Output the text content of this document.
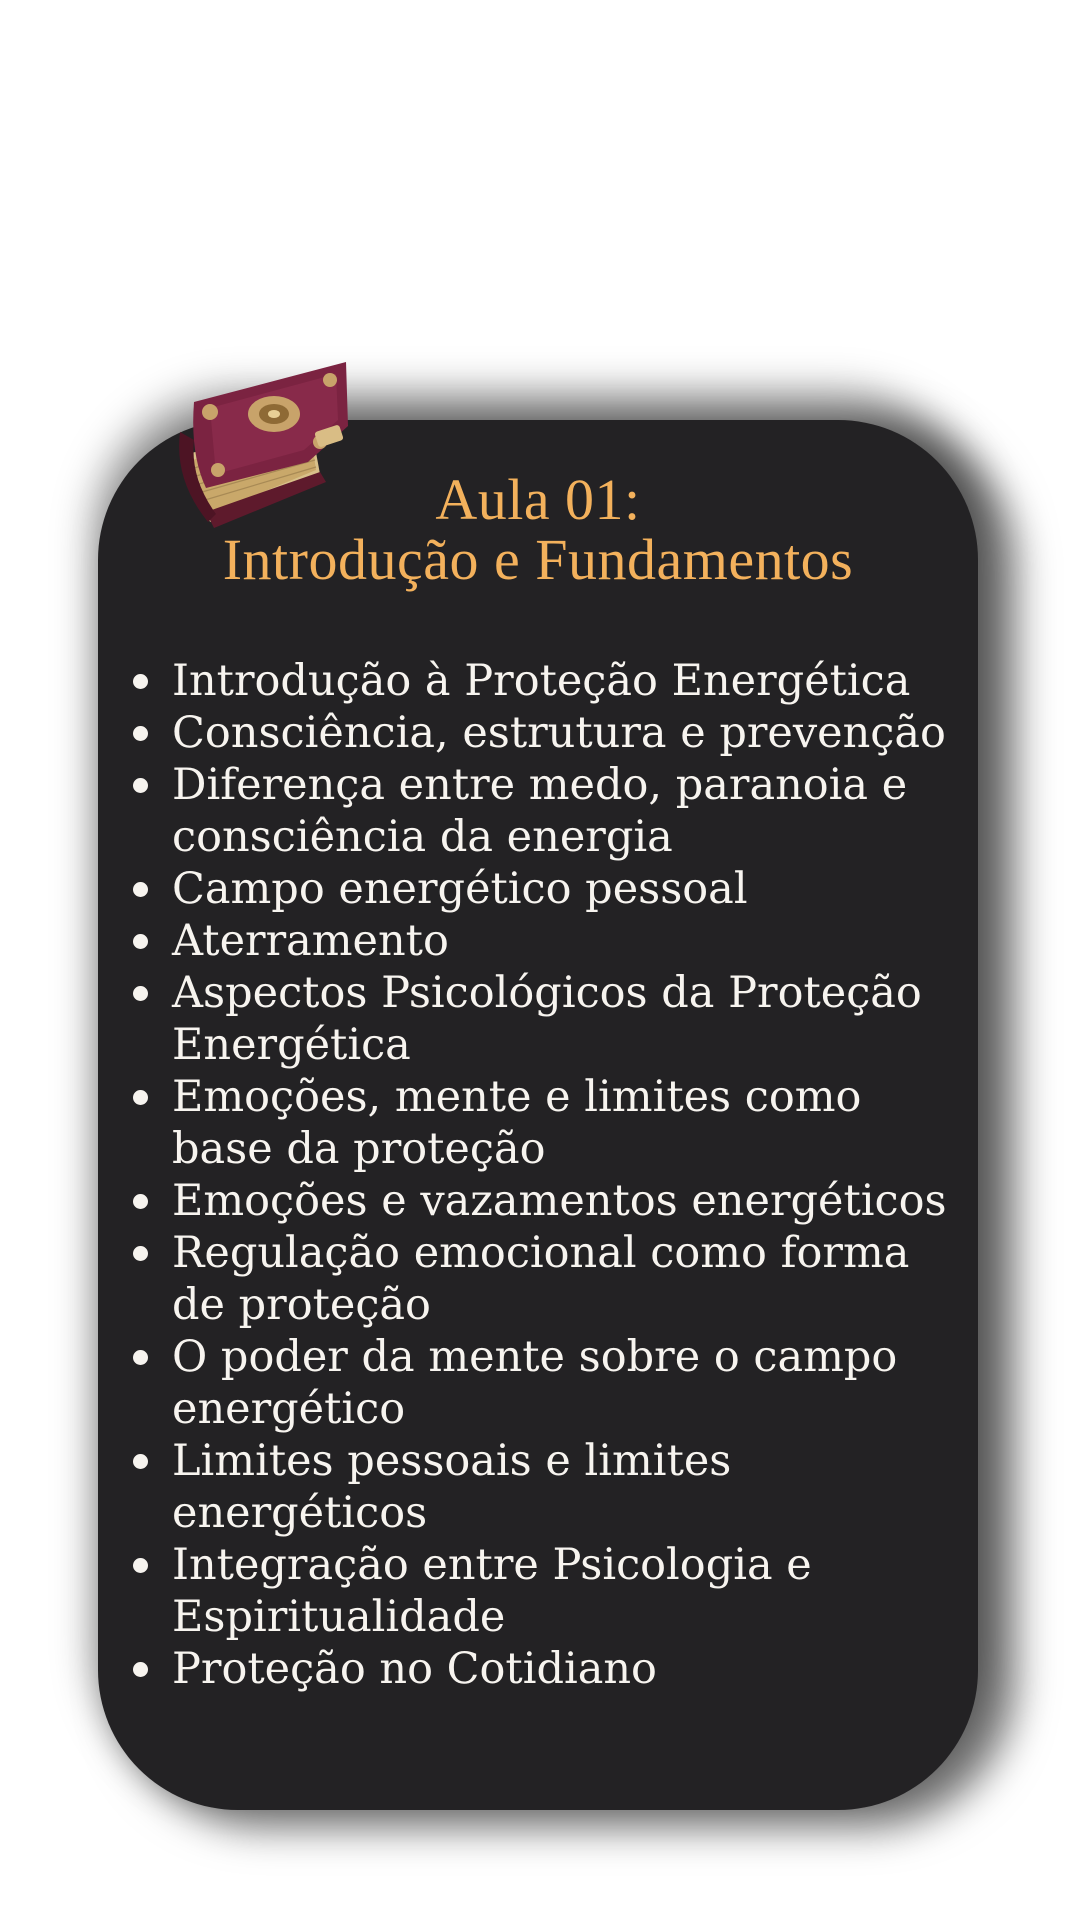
Aula 01:
Introdução e Fundamentos
Introdução à Proteção Energética
Consciência, estrutura e prevenção
Diferença entre medo, paranoia e consciência da energia
Campo energético pessoal
Aterramento
Aspectos Psicológicos da Proteção Energética
Emoções, mente e limites como base da proteção
Emoções e vazamentos energéticos
Regulação emocional como forma de proteção
O poder da mente sobre o campo energético
Limites pessoais e limites energéticos
Integração entre Psicologia e Espiritualidade
Proteção no Cotidiano
